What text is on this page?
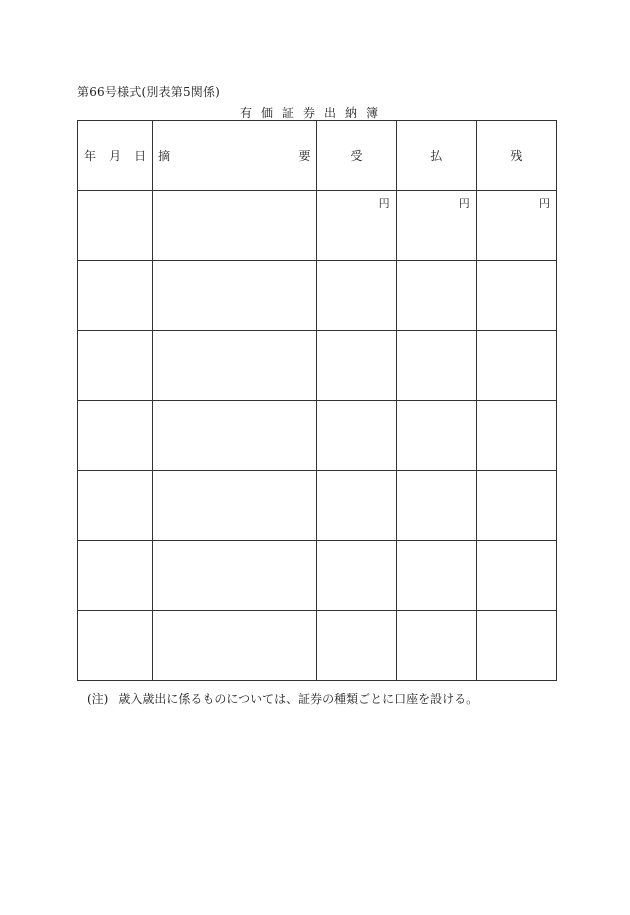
第66号様式(別表第5関係)
有価証券出納簿
年 月 日	摘 要	受	払	残

		円	円	円

(注) 歳入歳出に係るものについては、証券の種類ごとに口座を設ける。
